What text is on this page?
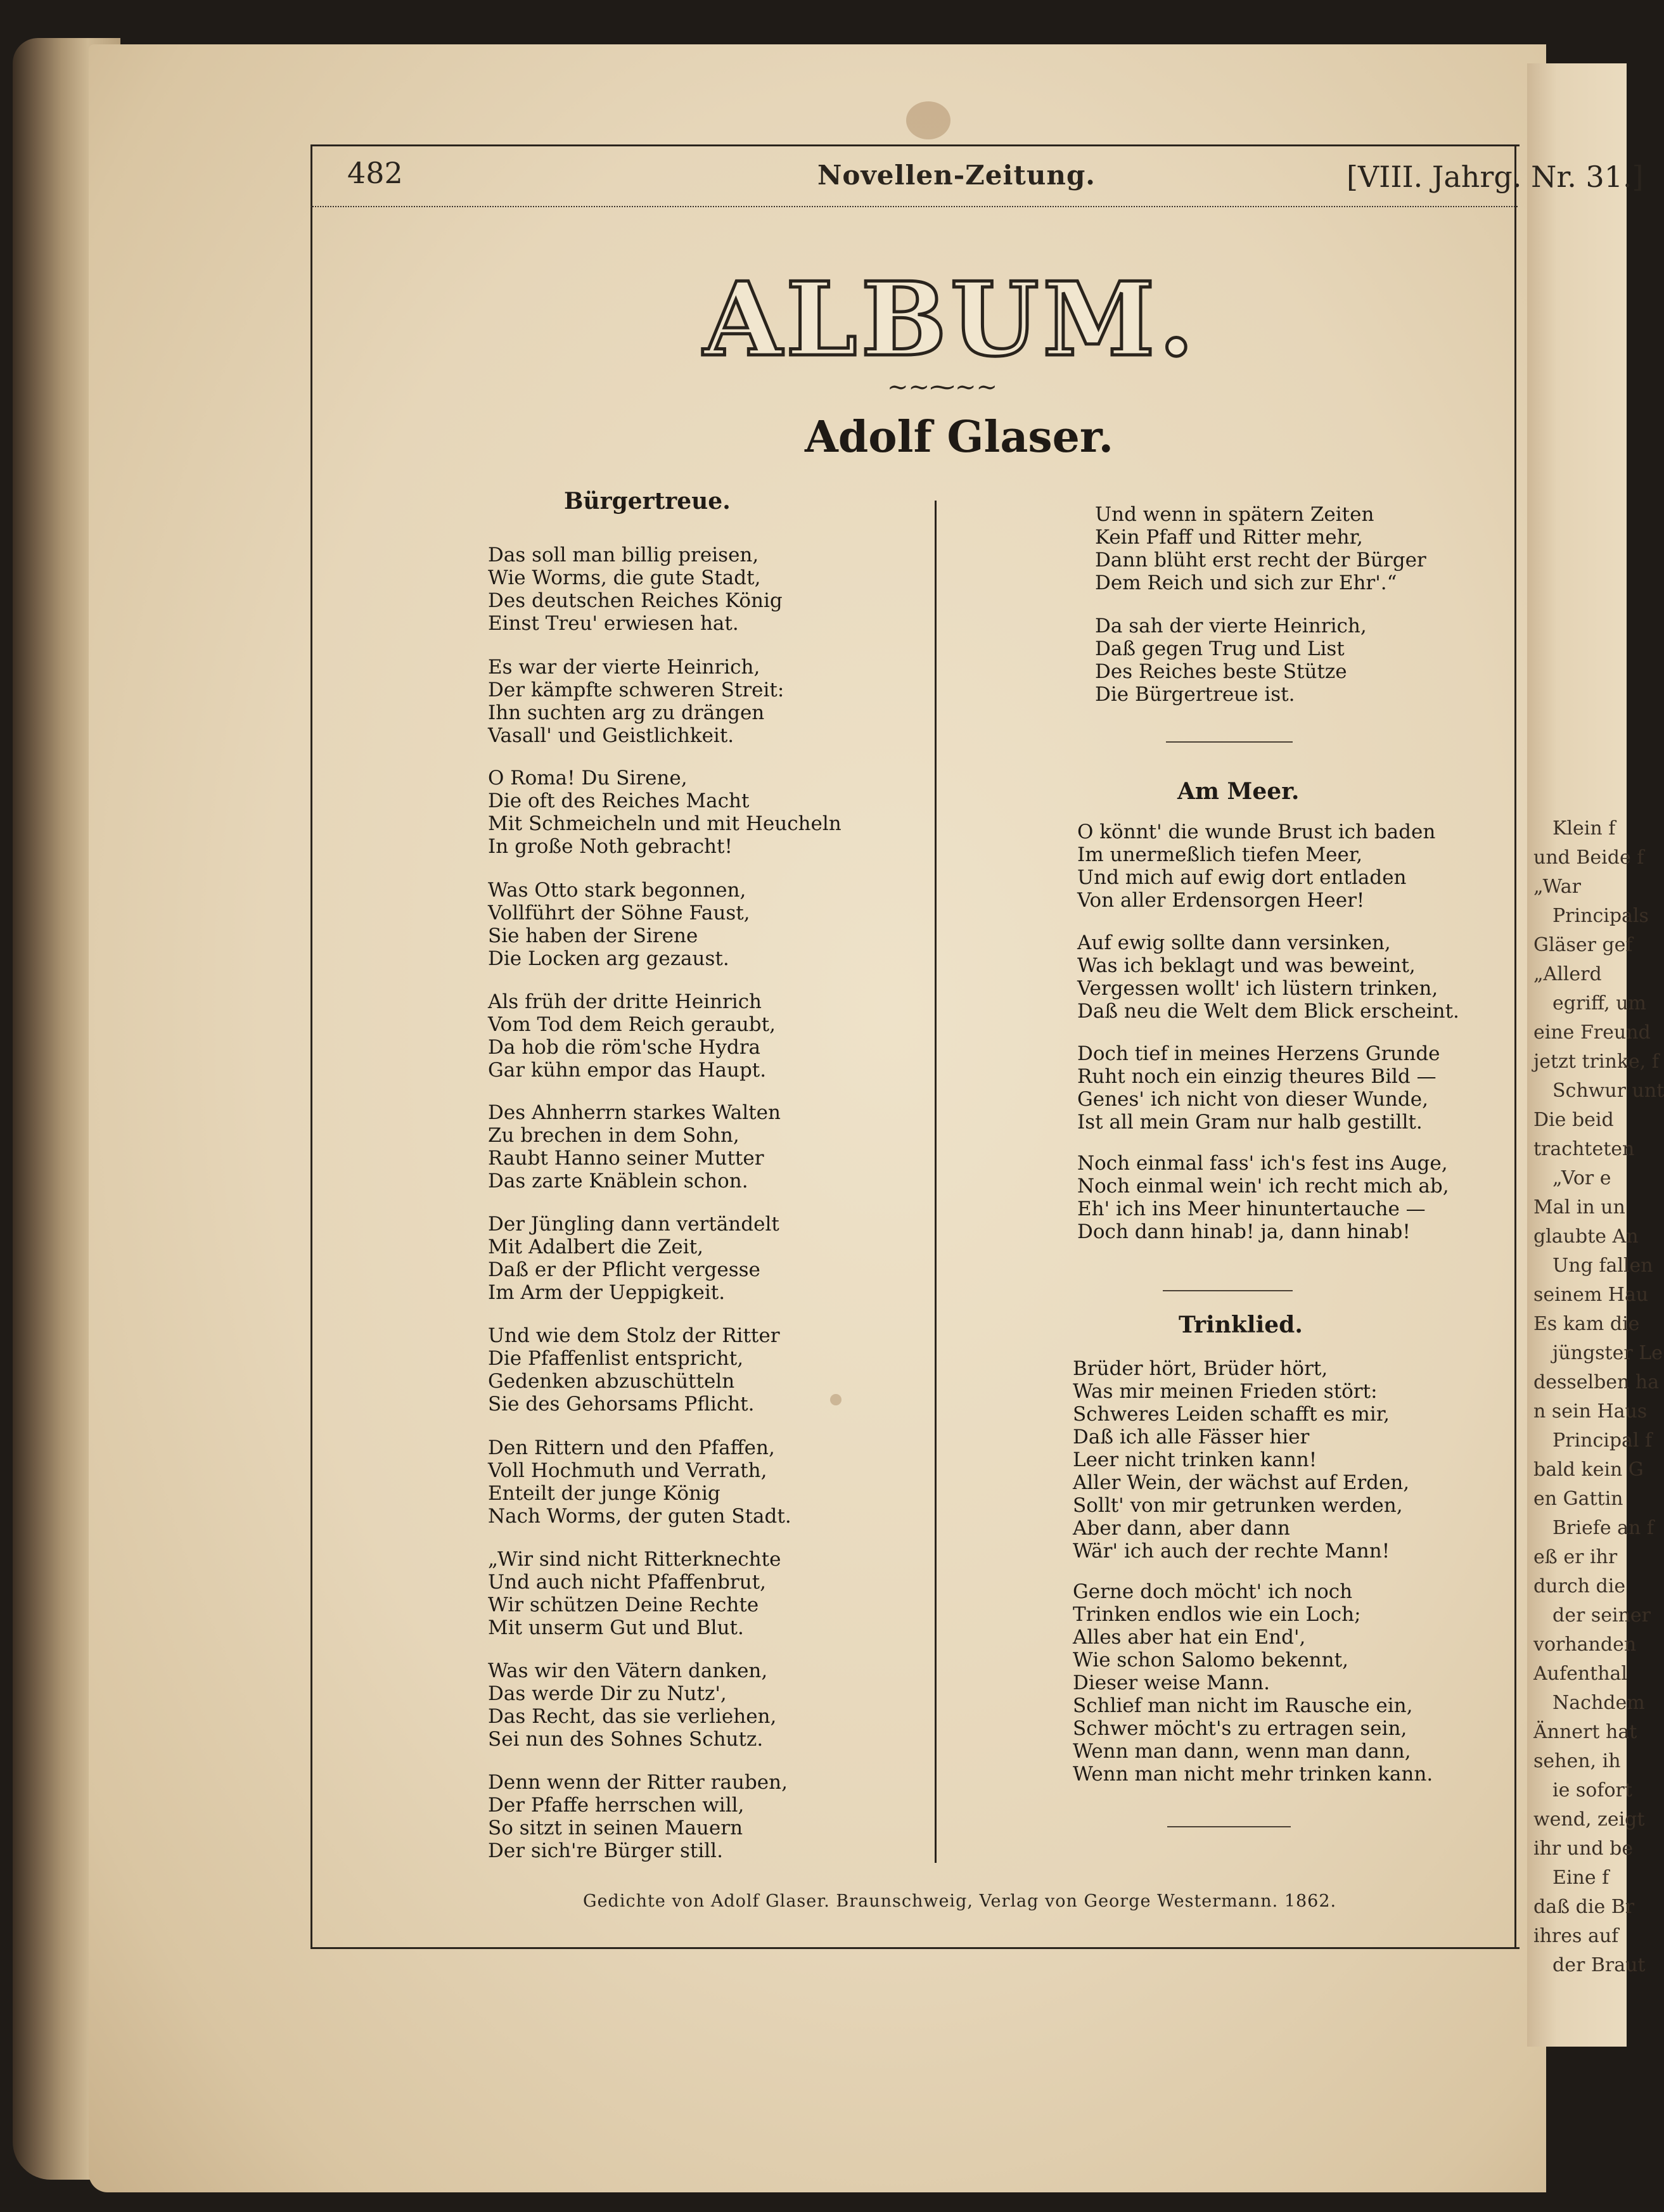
Klein f
und Beide f
„War
Principals
Gläser gef
„Allerd
egriff, um
eine Freund
jetzt trinke, f
Schwur unt
Die beid
trachteten
„Vor e
Mal in un
glaubte An
Ung fallen
seinem Hau
Es kam die
jüngster Le
desselben ha
n sein Haus
Principal f
bald kein G
en Gattin
Briefe an f
eß er ihr
durch die
der seiner
vorhanden
Aufenthal
Nachdem
Ännert hat
sehen, ih
ie sofort
wend, zeigt
ihr und be
Eine f
daß die Br
ihres auf
der Braut
482	Novellen-Zeitung.	[VIII. Jahrg. Nr. 31.]
ALBUM.
~~⁓~~
Adolf Glaser.
Bürgertreue.
Das soll man billig preisen,
Wie Worms, die gute Stadt,
Des deutschen Reiches König
Einst Treu' erwiesen hat.
Es war der vierte Heinrich,
Der kämpfte schweren Streit:
Ihn suchten arg zu drängen
Vasall' und Geistlichkeit.
O Roma! Du Sirene,
Die oft des Reiches Macht
Mit Schmeicheln und mit Heucheln
In große Noth gebracht!
Was Otto stark begonnen,
Vollführt der Söhne Faust,
Sie haben der Sirene
Die Locken arg gezaust.
Als früh der dritte Heinrich
Vom Tod dem Reich geraubt,
Da hob die röm'sche Hydra
Gar kühn empor das Haupt.
Des Ahnherrn starkes Walten
Zu brechen in dem Sohn,
Raubt Hanno seiner Mutter
Das zarte Knäblein schon.
Der Jüngling dann vertändelt
Mit Adalbert die Zeit,
Daß er der Pflicht vergesse
Im Arm der Ueppigkeit.
Und wie dem Stolz der Ritter
Die Pfaffenlist entspricht,
Gedenken abzuschütteln
Sie des Gehorsams Pflicht.
Den Rittern und den Pfaffen,
Voll Hochmuth und Verrath,
Enteilt der junge König
Nach Worms, der guten Stadt.
„Wir sind nicht Ritterknechte
Und auch nicht Pfaffenbrut,
Wir schützen Deine Rechte
Mit unserm Gut und Blut.
Was wir den Vätern danken,
Das werde Dir zu Nutz',
Das Recht, das sie verliehen,
Sei nun des Sohnes Schutz.
Denn wenn der Ritter rauben,
Der Pfaffe herrschen will,
So sitzt in seinen Mauern
Der sich're Bürger still.
Und wenn in spätern Zeiten
Kein Pfaff und Ritter mehr,
Dann blüht erst recht der Bürger
Dem Reich und sich zur Ehr'.“
Da sah der vierte Heinrich,
Daß gegen Trug und List
Des Reiches beste Stütze
Die Bürgertreue ist.
Am Meer.
O könnt' die wunde Brust ich baden
Im unermeßlich tiefen Meer,
Und mich auf ewig dort entladen
Von aller Erdensorgen Heer!
Auf ewig sollte dann versinken,
Was ich beklagt und was beweint,
Vergessen wollt' ich lüstern trinken,
Daß neu die Welt dem Blick erscheint.
Doch tief in meines Herzens Grunde
Ruht noch ein einzig theures Bild —
Genes' ich nicht von dieser Wunde,
Ist all mein Gram nur halb gestillt.
Noch einmal fass' ich's fest ins Auge,
Noch einmal wein' ich recht mich ab,
Eh' ich ins Meer hinuntertauche —
Doch dann hinab! ja, dann hinab!
Trinklied.
Brüder hört, Brüder hört,
Was mir meinen Frieden stört:
Schweres Leiden schafft es mir,
Daß ich alle Fässer hier
Leer nicht trinken kann!
Aller Wein, der wächst auf Erden,
Sollt' von mir getrunken werden,
Aber dann, aber dann
Wär' ich auch der rechte Mann!
Gerne doch möcht' ich noch
Trinken endlos wie ein Loch;
Alles aber hat ein End',
Wie schon Salomo bekennt,
Dieser weise Mann.
Schlief man nicht im Rausche ein,
Schwer möcht's zu ertragen sein,
Wenn man dann, wenn man dann,
Wenn man nicht mehr trinken kann.
Gedichte von Adolf Glaser. Braunschweig, Verlag von George Westermann. 1862.
